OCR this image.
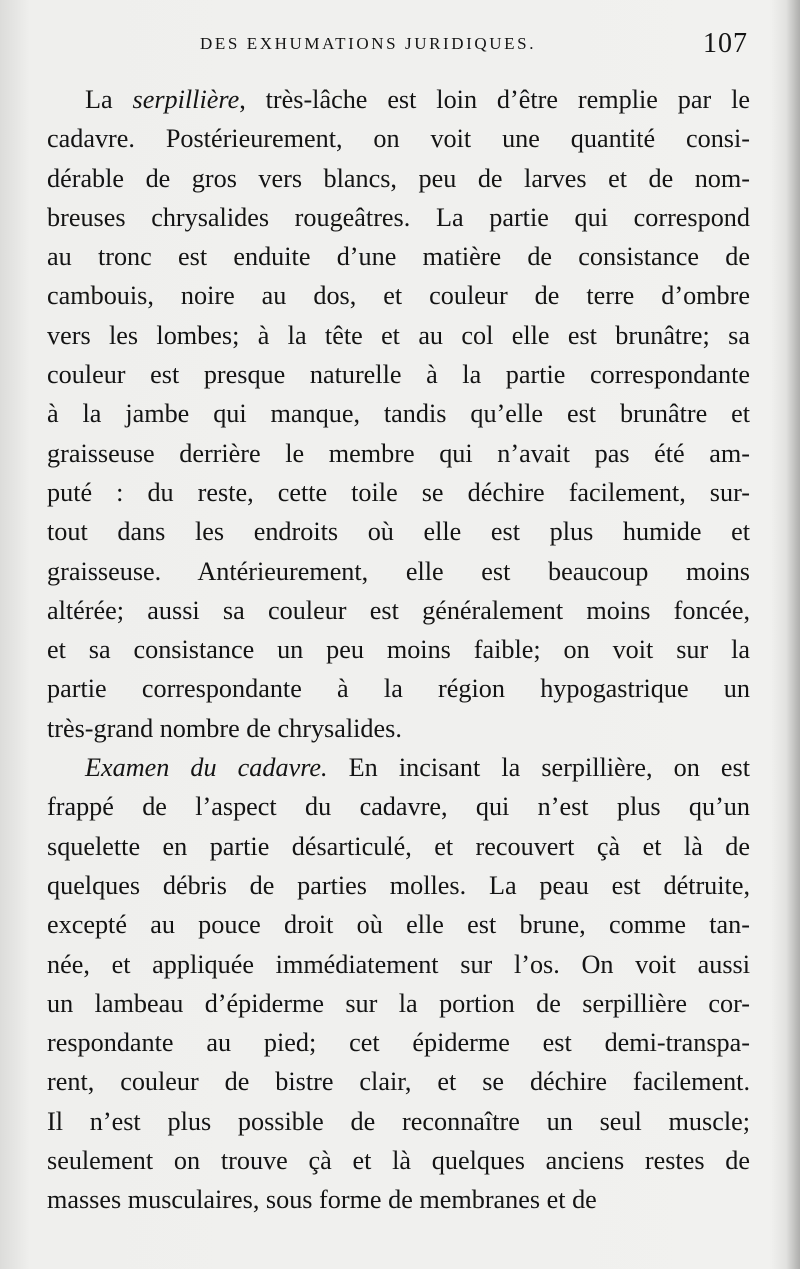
DES EXHUMATIONS JURIDIQUES.	107
La serpillière, très-lâche est loin d’être remplie par le
cadavre. Postérieurement, on voit une quantité consi-
dérable de gros vers blancs, peu de larves et de nom-
breuses chrysalides rougeâtres. La partie qui correspond
au tronc est enduite d’une matière de consistance de
cambouis, noire au dos, et couleur de terre d’ombre
vers les lombes; à la tête et au col elle est brunâtre; sa
couleur est presque naturelle à la partie correspondante
à la jambe qui manque, tandis qu’elle est brunâtre et
graisseuse derrière le membre qui n’avait pas été am-
puté : du reste, cette toile se déchire facilement, sur-
tout dans les endroits où elle est plus humide et
graisseuse. Antérieurement, elle est beaucoup moins
altérée; aussi sa couleur est généralement moins foncée,
et sa consistance un peu moins faible; on voit sur la
partie correspondante à la région hypogastrique un
très-grand nombre de chrysalides.
Examen du cadavre. En incisant la serpillière, on est
frappé de l’aspect du cadavre, qui n’est plus qu’un
squelette en partie désarticulé, et recouvert çà et là de
quelques débris de parties molles. La peau est détruite,
excepté au pouce droit où elle est brune, comme tan-
née, et appliquée immédiatement sur l’os. On voit aussi
un lambeau d’épiderme sur la portion de serpillière cor-
respondante au pied; cet épiderme est demi-transpa-
rent, couleur de bistre clair, et se déchire facilement.
Il n’est plus possible de reconnaître un seul muscle;
seulement on trouve çà et là quelques anciens restes de
masses musculaires, sous forme de membranes et de
